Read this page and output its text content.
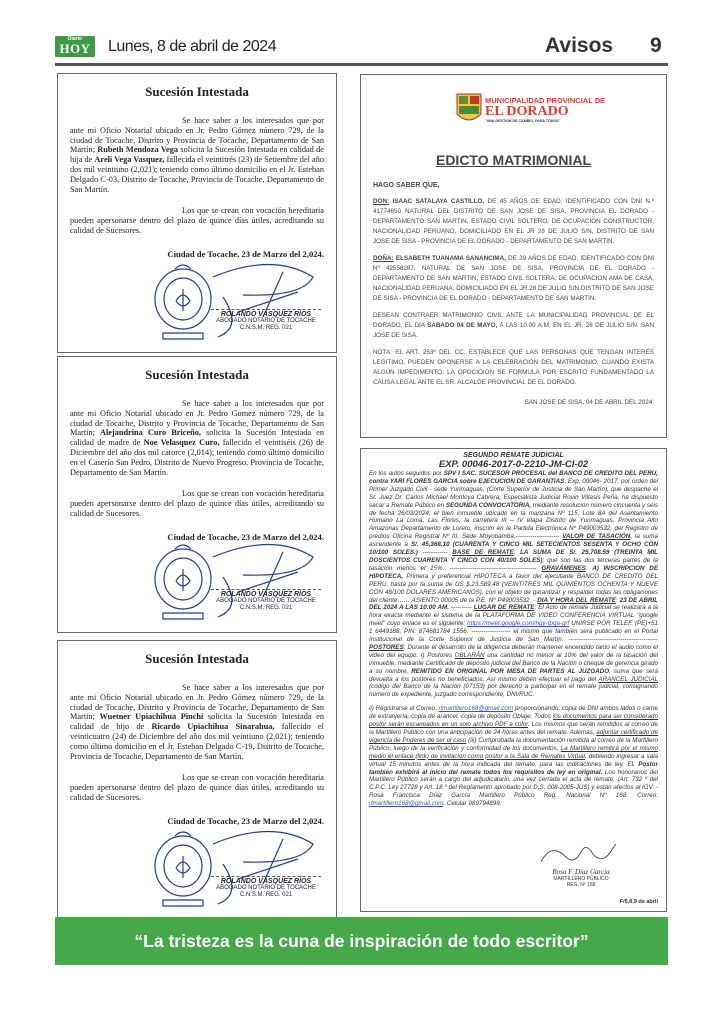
Diario
HOY Lunes, 8 de abril de 2024	Avisos 9
Sucesión Intestada

Se hace saber a los interesados que por ante mi Oficio Notarial ubicado en Jr. Pedro Gómez número 729, de la ciudad de Tocache, Distrito y Provincia de Tocache, Departamento de San Martín; Rubeth Mendoza Vega solicita la Sucesión Intestada en calidad de hija de Areli Vega Vasquez, fallecida el veintitrés (23) de Setiembre del año dos mil veintiuno (2,021); teniendo como último domicilio en el Jr. Esteban Delgado C-03, Distrito de Tocache, Provincia de Tocache, Departamento de San Martín.

Los que se crean con vocación hereditaria pueden apersonarse dentro del plazo de quince días útiles, acreditando su calidad de Sucesores.

Ciudad de Tocache, 23 de Marzo del 2,024.
ROLANDO VÁSQUEZ RÍOS
ABOGADO NOTARIO DE TOCACHE
C.N.S.M. REG. 021
Sucesión Intestada

Se hace saber a los interesados que por ante mi Oficio Notarial ubicado en Jr. Pedro Gomez número 729, de la ciudad de Tocache, Distrito y Provincia de Tocache, Departamento de San Martin; Alejandrina Curo Briceño, solicita la Sucesión Intestada en calidad de madre de Noe Velasquez Curo, fallecido el veintiséis (26) de Diciembre del año dos mil catorce (2,014); teniendo como último domicilio en el Caserío San Pedro, Distrito de Nuevo Progreso, Provincia de Tocache, Departamento de San Martín.

Los que se crean con vocación hereditaria pueden apersonarse dentro del plazo de quince días útiles, acreditando su calidad de Sucesores.

Ciudad de Tocache, 23 de Marzo del 2,024.
ROLANDO VÁSQUEZ RÍOS
ABOGADO NOTARIO DE TOCACHE
C.N.S.M. REG. 021
Sucesión Intestada

Se hace saber a los interesados que por ante mi Oficio Notarial ubicado en Jr. Pedro Gómez número 729, de la ciudad de Tocache, Distrito y Provincia de Tocache, Departamento de San Martin; Wuetner Upiachihua Pinchi solicita la Sucesión Intestada en calidad de hijo de Ricardo Upiachihua Sinarahua, fallecido el veinticuatro (24) de Diciembre del año dos mil veintiuno (2,021); teniendo como último domicilio en el Jr. Esteban Delgado C-19, Distrito de Tocache, Provincia de Tocache, Departamento de San Martín.

Los que se crean con vocación hereditaria pueden apersonarse dentro del plazo de quince días útiles, acreditando su calidad de Sucesores.

Ciudad de Tocache, 23 de Marzo del 2,024.
ROLANDO VÁSQUEZ RÍOS
ABOGADO NOTARIO DE TOCACHE
C.N.S.M. REG. 021
MUNICIPALIDAD PROVINCIAL DE
EL DORADO
"UNA GESTION DE CAMBIO, PARA TODOS"
EDICTO MATRIMONIAL

HAGO SABER QUE,

DON: ISAAC SATALAYA CASTILLO, DE 45 AÑOS DE EDAD, IDENTIFICADO CON DNI N.º 41774650 NATURAL DEL DISTRITO DE SAN JOSE DE SISA, PROVINCIA EL DORADO - DEPARTAMENTO SAN MARTIN, ESTADO CIVIL SOLTERO, DE OCUPACION CONSTRUCTOR, NACIONALIDAD PERUANO, DOMICILIADO EN EL JR 28 DE JULIO S/N, DISTRITO DE SAN JOSE DE SISA - PROVINCIA DE EL DORADO - DEPARTAMENTO DE SAN MARTIN.

DOÑA: ELSABETH TUANAMA SANANCIMA, DE 39 AÑOS DE EDAD, IDENTIFICADO CON DNI Nº 42558287, NATURAL DE SAN JOSE DE SISA, PROVINCIA DE EL DORADO - DEPARTAMENTO DE SAN MARTIN, ESTADO CIVIL SOLTERA, DE OCUPACION AMA DE CASA, NACIONALIDAD PERUANA, DOMICILIADO EN EL JR.28 DE JULIO S/N DISTRITO DE SAN JOSE DE SISA - PROVINCIA DE EL DORADO - DEPARTAMENTO DE SAN MARTIN.

DESEAN CONTRAER MATRIMONIO CIVIL ANTE LA MUNICIPALIDAD PROVINCIAL DE EL DORADO, EL DIA SABADO 04 DE MAYO, A LAS 10.00 A.M. EN EL JR. 28 DE JULIO S/N. SAN JOSE DE SISA.

NOTA: EL ART. 253º DEL CC. ESTABLECE QUE LAS PERSONAS QUE TENGAN INTERÉS LEGITIMO, PUEDEN OPONERSE A LA CELEBRACIÓN DEL MATRIMONIO, CUANDO EXISTA ALGÚN IMPEDIMENTO. LA OPOCIOION SE FORMULA POR ESCRITO FUNDAMENTADO LA CAUSA LEGAL ANTE EL SR. ALCALDE PROVINCIAL DE EL DORADO.

SAN JOSE DE SISA, 04 DE ABRIL DEL 2024.

SEGUNDO REMATE JUDICIAL
EXP. 00046-2017-0-2210-JM-CI-02
En los autos seguidos por SPV I SAC. SUCESOR PROCESAL del BANCO DE CREDITO DEL PERU, contra YARI FLORES GARCIA sobre EJECUCION DE GARANTIAS, Exp. 00046- 2017, por orden del Primer Juzgado Civil - sede Yurimaguas, (Corte Superior de Justicia de San Martín), que despache el Sr. Juez Dr. Carlos Michael Montoya Cabrera, Especialista Judicial Rovin Villasis Peña, ha dispuesto sacar a Remate Público en SEGUNDA CONVOCATORIA, mediante resolución número cincuenta y seis de fecha 26/03/2024; el bien inmueble ubicado en la manzana Nº 115, Lote 8A del Asentamiento Humano La Loma, Las Flores, la carretera III – IV etapa Distrito de Yurimaguas, Provincia Alto Amazonas Departamento de Loreto, inscrito en la Partida Electrónica Nº P49003532, del Registro de predios Oficina Registral Nº III, Sede Moyobamba.--------------------- VALOR DE TASACIÓN, la suma ascendente a S/. 45,368.10 (CUARENTA Y CINCO MIL SETECIENTOS SESENTA Y OCHO CON 10/100 SOLES.) ------------ BASE DE REMATE: LA SUMA DE S/. 25,708.59 (TREINTA MIL DOSCIENTOS CUARENTA Y CINCO CON 40/100 SOLES); que son las dos terceras partes de la tasación menos el 15%. ------------------------------------------ GRAVÁMENES: A) INSCRIPCION DE HIPOTECA, Primera y preferencial HIPOTECA a favor del ejecutante BANCO DE CREDITO DEL PERU, hasta por la suma de US $.23,589.48 (VEINTITRES MIL QUINIENTOS OCHENTA Y NUEVE CON 48/100 DOLARES AMERICANOS), con el objeto de garantizar y respalder todas las obligaciones del cliente…… ASIENTO 00005 de la P.E. Nº P49003532. - DIA Y HORA DEL REMATE: 23 DE ABRIL DEL 2024 A LAS 10:00 AM. ---------- LUGAR DE REMATE: El Acto de remate Judicial se realizará a la hora exacta mediante el sistema de la PLATAFORMA DE VIDEO CONFERENCIA VIRTUAL "google meet" cuyo enlace es el siguiente: https://meet.google.com/hgy-tpqa-grf UNIRSE POR TELEF. (PE)+51 1 6449188, PIN: 874681784 1556. ------------------- el mismo que también será publicado en el Portal Institucional de la Corte Superior de Justicia de San Martín. ------------------------------------------- POSTORES: Durante el desarrollo de la diligencia deberán mantener encendido tanto el audio como el video del equipo. I) Postores OBLARÁN una cantidad no menor al 10% del valor de la tasación del inmueble, mediante Certificado de depósito judicial del Banco de la Nación o cheque de gerencia girado a su nombre, REMITIDO EN ORIGINAL POR MESA DE PARTES AL JUZGADO, suma que será devuelta a los postores no beneficiados. Así mismo deben efectuar el pago del ARANCEL JUDICIAL (código del Banco de la Nación (07153) por derecho a participar en el remate judicial, consignando número de expediente, juzgado correspondiente, DNI/RUC.
ii) Registrarse al Correo: rlmartillero168@gmail.com proporcionando: copia de DNI ambos lados o carne de extranjería, copia de arancel, copia de depósito Oblaje; Todos los documentos para ser considerado postor serán escaneados en un solo archivo PDF a color. Los mismos que serán remitidos al correo de la Martillero Público con una anticipación de 24 horas antes del remate. Además, adjuntar certificado de vigencia de Poderes de ser el caso (iii) Comprobada la documentación remitida al correo de la Martillero Público, luego de la verificación y conformidad de los documentos, La Martillero remitirá por el mismo medio el enlace (link) de invitación como postor a la Sala de Remates Virtual, debiendo ingresar a sala virtual 15 minutos antes de la hora indicada del remate, para las indicaciones de ley. EL Postor también exhibirá al inicio del remate todos los requisitos de ley en original. Los honorarios del Martillero Público serán a cargo del adjudicatario, una vez cerrada el acta de remate. (Art. 732 º del C.P.C. Ley 27728 y Art. 18 º del Reglamento aprobado por D.S. 008-2005-JUS) y están afectos al IGV. - Rosa Francisca Díaz García Martillero Público Reg. Nacional Nº 168. Correo: rlmartillero168@gmail.com. Celular 989794899.
Rosa F. Díaz García
MARTILLERO PÚBLICO
REG. Nº 168
F/5,8,9 de abril
“La tristeza es la cuna de inspiración de todo escritor”
